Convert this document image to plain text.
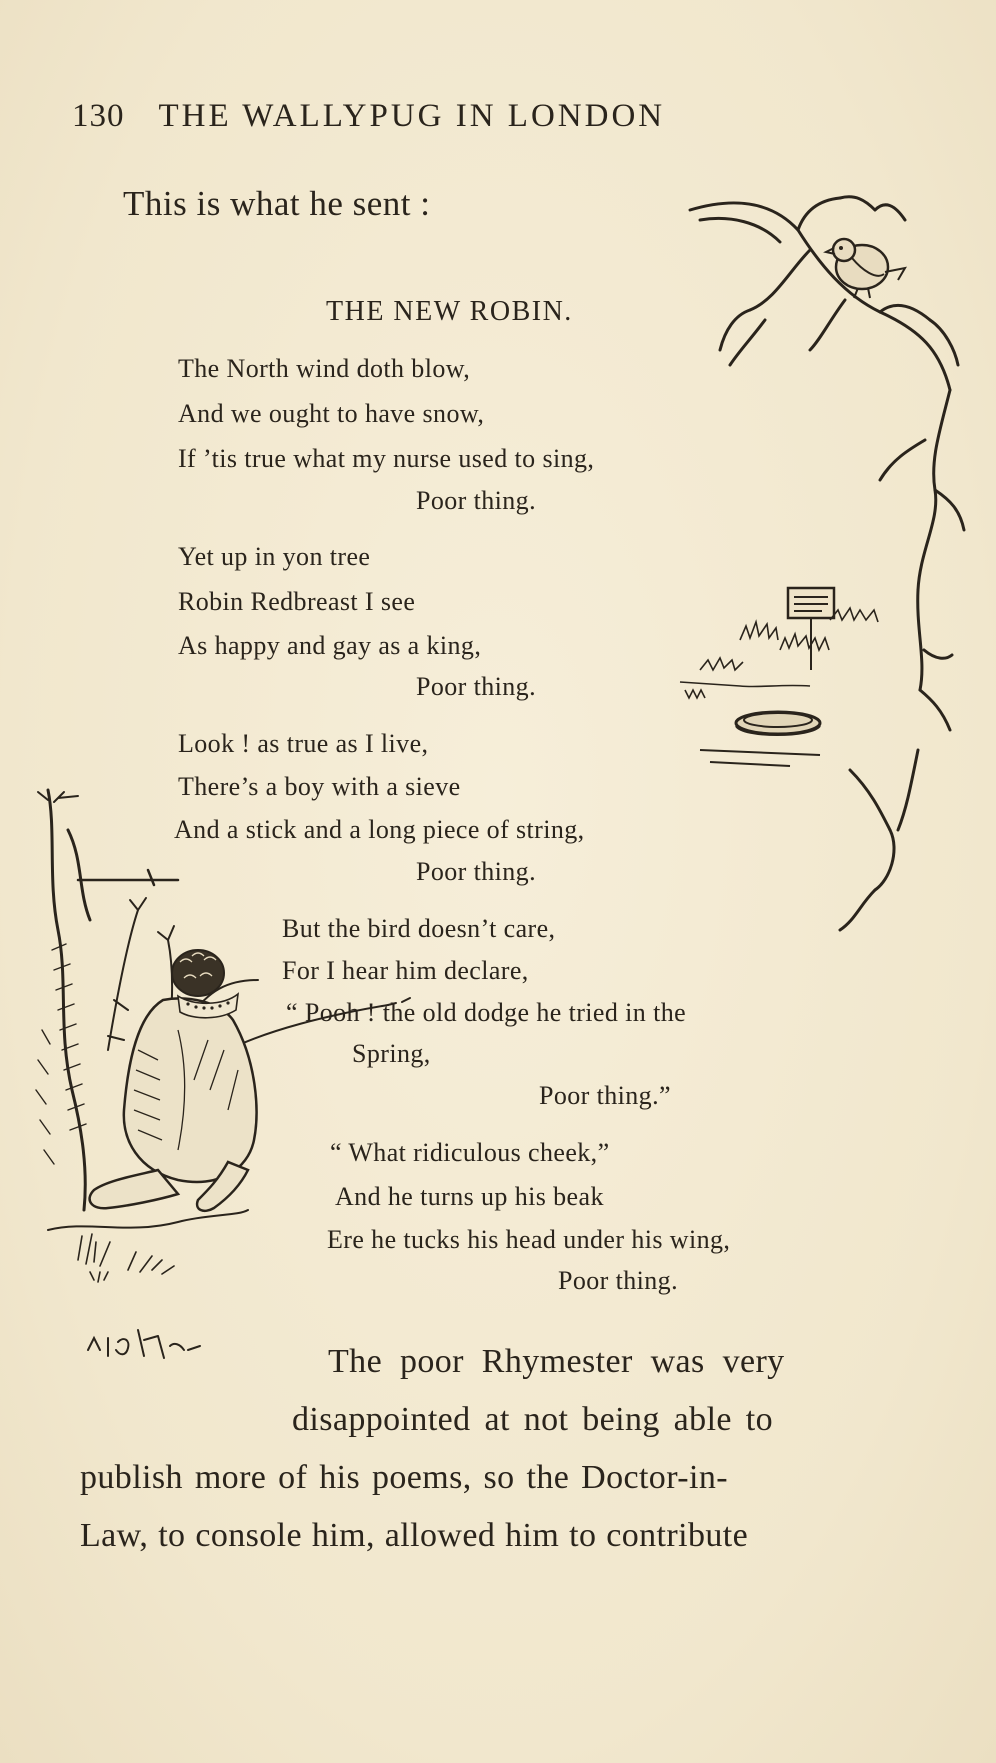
130 THE WALLYPUG IN LONDON
This is what he sent :
THE NEW ROBIN.
The North wind doth blow,
And we ought to have snow,
If ’tis true what my nurse used to sing,
Poor thing.
Yet up in yon tree
Robin Redbreast I see
As happy and gay as a king,
Poor thing.
Look ! as true as I live,
There’s a boy with a sieve
And a stick and a long piece of string,
Poor thing.
But the bird doesn’t care,
For I hear him declare,
“ Pooh ! the old dodge he tried in the
Spring,
Poor thing.”
“ What ridiculous cheek,”
And he turns up his beak
Ere he tucks his head under his wing,
Poor thing.
The poor Rhymester was very
disappointed at not being able to
publish more of his poems, so the Doctor-in-
Law, to console him, allowed him to contribute
